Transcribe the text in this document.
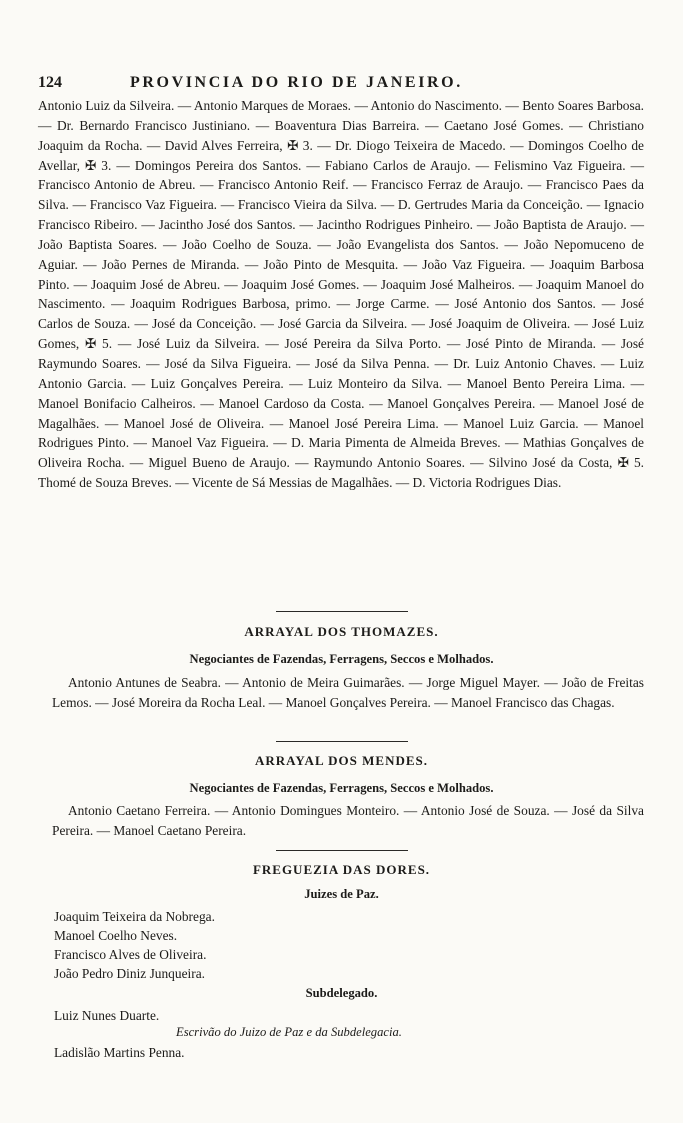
124	PROVINCIA DO RIO DE JANEIRO.
Antonio Luiz da Silveira. — Antonio Marques de Moraes. — Antonio do Nascimento. — Bento Soares Barbosa. — Dr. Bernardo Francisco Justiniano. — Boaventura Dias Barreira. — Caetano José Gomes. — Christiano Joaquim da Rocha. — David Alves Ferreira, ✠ 3. — Dr. Diogo Teixeira de Macedo. — Domingos Coelho de Avellar, ✠ 3. — Domingos Pereira dos Santos. — Fabiano Carlos de Araujo. — Felismino Vaz Figueira. — Francisco Antonio de Abreu. — Francisco Antonio Reif. — Francisco Ferraz de Araujo. — Francisco Paes da Silva. — Francisco Vaz Figueira. — Francisco Vieira da Silva. — D. Gertrudes Maria da Conceição. — Ignacio Francisco Ribeiro. — Jacintho José dos Santos. — Jacintho Rodrigues Pinheiro. — João Baptista de Araujo. — João Baptista Soares. — João Coelho de Souza. — João Evangelista dos Santos. — João Nepomuceno de Aguiar. — João Pernes de Miranda. — João Pinto de Mesquita. — João Vaz Figueira. — Joaquim Barbosa Pinto. — Joaquim José de Abreu. — Joaquim José Gomes. — Joaquim José Malheiros. — Joaquim Manoel do Nascimento. — Joaquim Rodrigues Barbosa, primo. — Jorge Carme. — José Antonio dos Santos. — José Carlos de Souza. — José da Conceição. — José Garcia da Silveira. — José Joaquim de Oliveira. — José Luiz Gomes, ✠ 5. — José Luiz da Silveira. — José Pereira da Silva Porto. — José Pinto de Miranda. — José Raymundo Soares. — José da Silva Figueira. — José da Silva Penna. — Dr. Luiz Antonio Chaves. — Luiz Antonio Garcia. — Luiz Gonçalves Pereira. — Luiz Monteiro da Silva. — Manoel Bento Pereira Lima. — Manoel Bonifacio Calheiros. — Manoel Cardoso da Costa. — Manoel Gonçalves Pereira. — Manoel José de Magalhães. — Manoel José de Oliveira. — Manoel José Pereira Lima. — Manoel Luiz Garcia. — Manoel Rodrigues Pinto. — Manoel Vaz Figueira. — D. Maria Pimenta de Almeida Breves. — Mathias Gonçalves de Oliveira Rocha. — Miguel Bueno de Araujo. — Raymundo Antonio Soares. — Silvino José da Costa, ✠ 5. Thomé de Souza Breves. — Vicente de Sá Messias de Magalhães. — D. Victoria Rodrigues Dias.
ARRAYAL DOS THOMAZES.
Negociantes de Fazendas, Ferragens, Seccos e Molhados.
Antonio Antunes de Seabra. — Antonio de Meira Guimarães. — Jorge Miguel Mayer. — João de Freitas Lemos. — José Moreira da Rocha Leal. — Manoel Gonçalves Pereira. — Manoel Francisco das Chagas.
ARRAYAL DOS MENDES.
Negociantes de Fazendas, Ferragens, Seccos e Molhados.
Antonio Caetano Ferreira. — Antonio Domingues Monteiro. — Antonio José de Souza. — José da Silva Pereira. — Manoel Caetano Pereira.
FREGUEZIA DAS DORES.
Juizes de Paz.
Joaquim Teixeira da Nobrega.
Manoel Coelho Neves.
Francisco Alves de Oliveira.
João Pedro Diniz Junqueira.
Subdelegado.
Luiz Nunes Duarte.
Escrivão do Juizo de Paz e da Subdelegacia.
Ladislão Martins Penna.
